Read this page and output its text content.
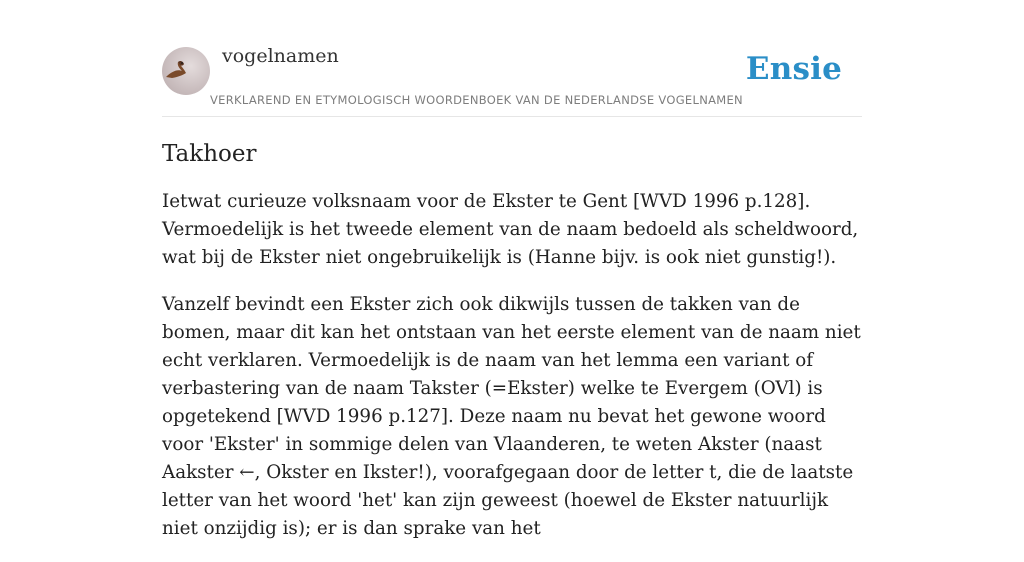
vogelnamen
VERKLAREND EN ETYMOLOGISCH WOORDENBOEK VAN DE NEDERLANDSE VOGELNAMEN
Ensie
Takhoer

Ietwat curieuze volksnaam voor de Ekster te Gent [WVD 1996 p.128]. Vermoedelijk is het tweede element van de naam bedoeld als scheldwoord, wat bij de Ekster niet ongebruikelijk is (Hanne bijv. is ook niet gunstig!).

Vanzelf bevindt een Ekster zich ook dikwijls tussen de takken van de bomen, maar dit kan het ontstaan van het eerste element van de naam niet echt verklaren. Vermoedelijk is de naam van het lemma een variant of verbastering van de naam Takster (=Ekster) welke te Evergem (OVl) is opgetekend [WVD 1996 p.127]. Deze naam nu bevat het gewone woord voor 'Ekster' in sommige delen van Vlaanderen, te weten Akster (naast Aakster ←, Okster en Ikster!), voorafgegaan door de letter t, die de laatste letter van het woord 'het' kan zijn geweest (hoewel de Ekster natuurlijk niet onzijdig is); er is dan sprake van het
